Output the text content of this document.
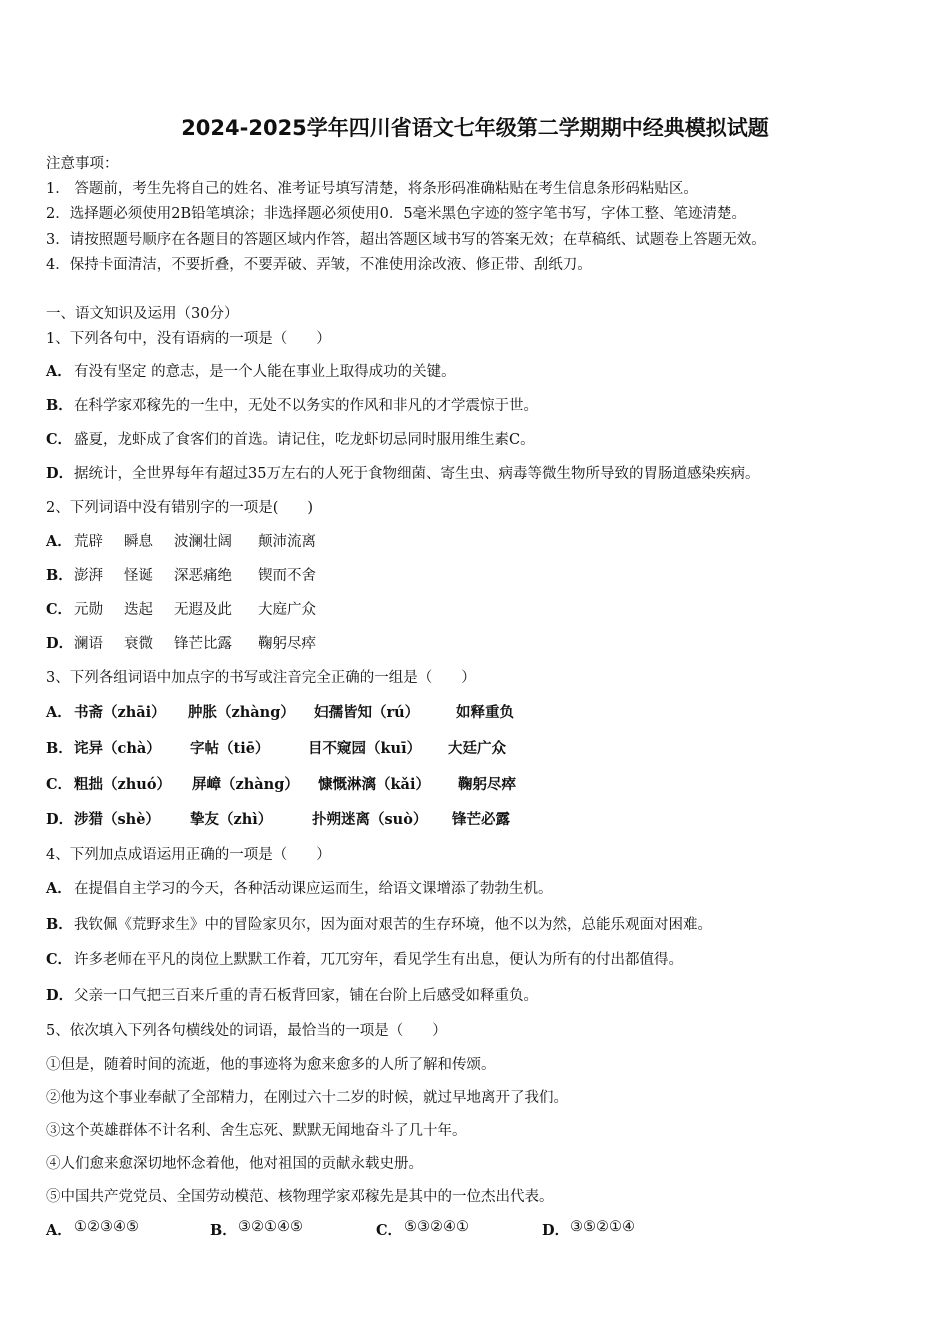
2024-2025学年四川省语文七年级第二学期期中经典模拟试题
注意事项：
1． 答题前，考生先将自己的姓名、准考证号填写清楚，将条形码准确粘贴在考生信息条形码粘贴区。
2．选择题必须使用2B铅笔填涂；非选择题必须使用0．5毫米黑色字迹的签字笔书写，字体工整、笔迹清楚。
3．请按照题号顺序在各题目的答题区域内作答，超出答题区域书写的答案无效；在草稿纸、试题卷上答题无效。
4．保持卡面清洁，不要折叠，不要弄破、弄皱，不准使用涂改液、修正带、刮纸刀。
一、语文知识及运用（30分）
1、下列各句中，没有语病的一项是（　　）
A． 有没有坚定 的意志，是一个人能在事业上取得成功的关键。
B．在科学家邓稼先的一生中，无处不以务实的作风和非凡的才学震惊于世。
C． 盛夏，龙虾成了食客们的首选。请记住，吃龙虾切忌同时服用维生素C。
D．据统计，全世界每年有超过35万左右的人死于食物细菌、寄生虫、病毒等微生物所导致的胃肠道感染疾病。
2、下列词语中没有错别字的一项是(　　)
A． 荒辟 瞬息 波澜壮阔 颠沛流离
B． 澎湃 怪诞 深恶痛绝 锲而不舍
C． 元勋 迭起 无遐及此 大庭广众
D． 澜语 衰微 锋芒比露 鞠躬尽瘁
3、下列各组词语中加点字的书写或注音完全正确的一组是（　　）
A． 书斋（zhāi） 肿胀（zhàng） 妇孺皆知（rú）	如释重负
B． 诧异（chà） 字帖（tiē）	目不窥园（kuī） 大廷广众
C． 粗拙（zhuó） 屏嶂（zhàng） 慷慨淋漓（kǎi） 鞠躬尽瘁
D． 涉猎（shè） 挚友（zhì）	扑朔迷离（suò） 锋芒必露
4、下列加点成语运用正确的一项是（　　）
A． 在提倡自主学习的今天，各种活动课应运而生，给语文课增添了勃勃生机。
B．我钦佩《荒野求生》中的冒险家贝尔，因为面对艰苦的生存环境，他不以为然，总能乐观面对困难。
C． 许多老师在平凡的岗位上默默工作着，兀兀穷年，看见学生有出息，便认为所有的付出都值得。
D．父亲一口气把三百来斤重的青石板背回家，铺在台阶上后感受如释重负。
5、依次填入下列各句横线处的词语，最恰当的一项是（　　）
①但是，随着时间的流逝，他的事迹将为愈来愈多的人所了解和传颂。
②他为这个事业奉献了全部精力，在刚过六十二岁的时候，就过早地离开了我们。
③这个英雄群体不计名利、舍生忘死、默默无闻地奋斗了几十年。
④人们愈来愈深切地怀念着他，他对祖国的贡献永载史册。
⑤中国共产党党员、全国劳动模范、核物理学家邓稼先是其中的一位杰出代表。
A． ①②③④⑤	B． ③②①④⑤	C． ⑤③②④①	D． ③⑤②①④
